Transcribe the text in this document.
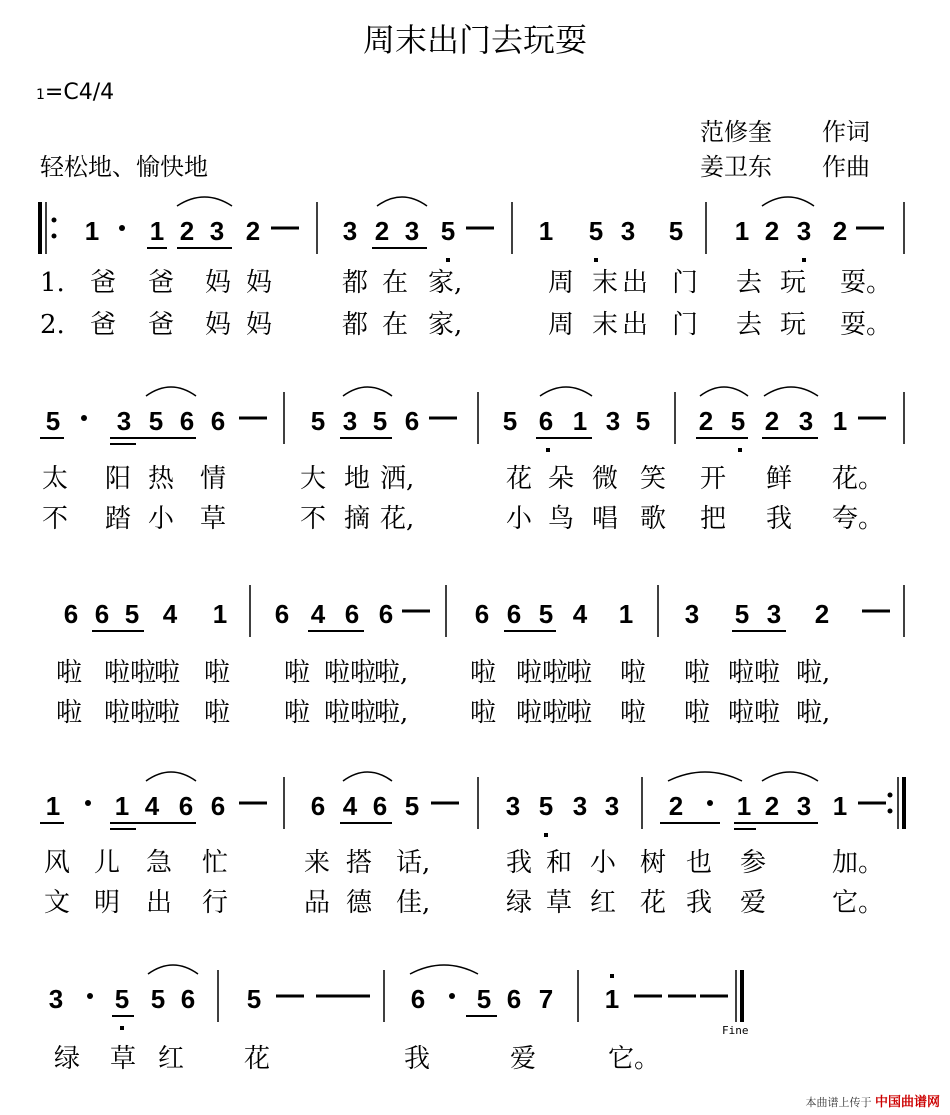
周末出门去玩耍
1=C4/4
范修奎 作词
姜卫东 作曲
轻松地、愉快地
1 1 2 3 2	3 2 3 5	1 5 3 5 1 2 3 2
5 3 5 6 6	5 3 5 6	5 6 1 3 5 2 5 2 3 1
6 6 5 4 1 6 4 6 6	6 6 5 4 1 3 5 3 2
1 1 4 6 6	6 4 6 5	3 5 3 3 2 1 2 3 1
3 5 5 6 5	6 5 6 7 1
Fine
1. 爸 爸 妈 妈	都 在 家,	周 末 出 门 去 玩 耍。
2. 爸 爸 妈 妈	都 在 家,	周 末 出 门 去 玩 耍。
太 阳 热 情	大 地 洒,	花 朵 微 笑 开 鲜 花。
不 踏 小 草	不 摘 花,	小 鸟 唱 歌 把 我 夸。
啦 啦啦
啦 啦 啦 啦啦
啦, 啦 啦啦
啦 啦 啦 啦啦 啦,
啦 啦啦
啦 啦 啦 啦啦
啦, 啦 啦啦
啦 啦 啦 啦啦 啦,
风 儿 急 忙	来 搭 话,	我 和 小 树 也 参	加。
文 明 出 行	品 德 佳,	绿 草 红 花 我 爱	它。
绿 草 红 花	我	爱	它。
本曲谱上传于 中国曲谱网
